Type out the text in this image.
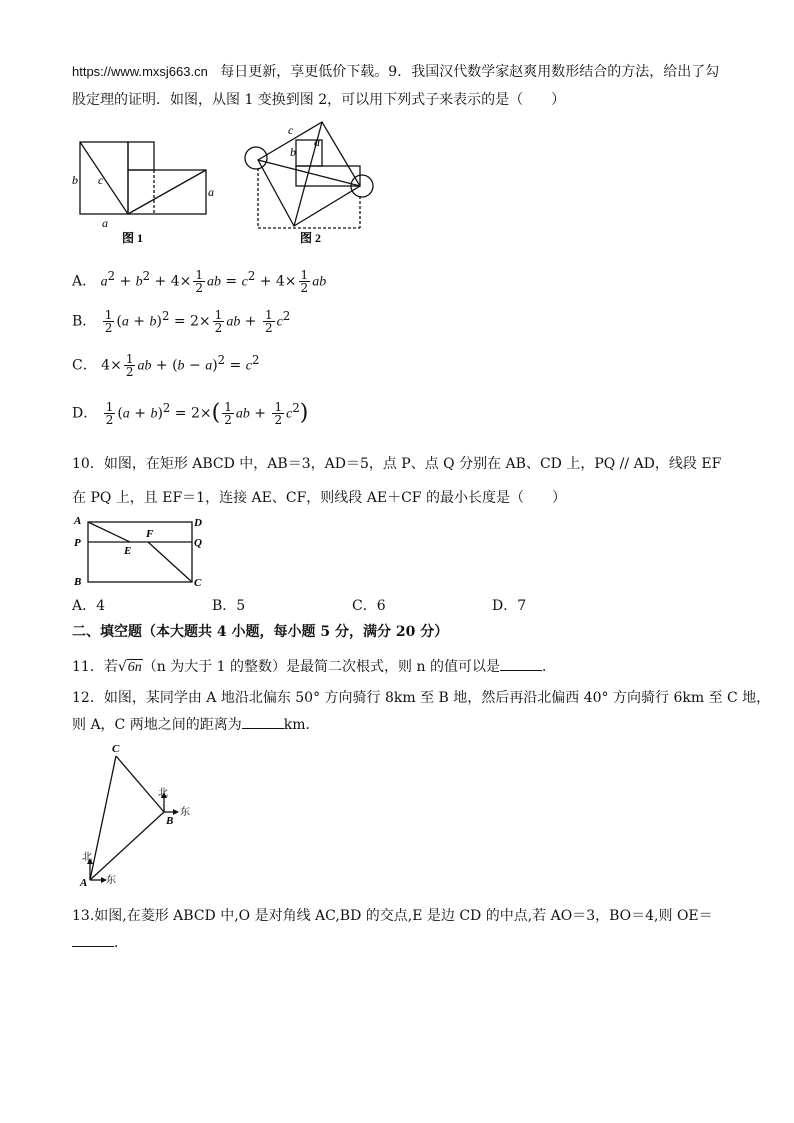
https://www.mxsj663.cn 每日更新，享更低价下载。9．我国汉代数学家赵爽用数形结合的方法，给出了勾
股定理的证明．如图，从图 1 变换到图 2，可以用下列式子来表示的是（　　）
b c
a
a
图 1
c
b
a
图 2
A． $a^2 + b^2 + 4\times \frac{1}{2}$ ab = $c^2 + 4\times \frac{1}{2}$ ab
B． $\frac{1}{2} (a + b)^2 = 2\times \frac{1}{2}$ ab + $\frac{1}{2} c^2$
C． $4\times \frac{1}{2}$ ab + $(b - a)^2 = c^2$
D． $\frac{1}{2} (a + b)^2 = 2\times( \frac{1}{2}$ ab + $\frac{1}{2} c^2$)
10．如图，在矩形 ABCD 中，AB＝3，AD＝5，点 P、点 Q 分别在 AB、CD 上，PQ // AD，线段 EF
在 PQ 上，且 EF＝1，连接 AE、CF，则线段 AE＋CF 的最小长度是（　　）
A	D
P	Q
B	C
E
F
A．4	B．5	C．6	D．7
二、填空题（本大题共 4 小题，每小题 5 分，满分 20 分）
11．若√6n（n 为大于 1 的整数）是最简二次根式，则 n 的值可以是	．
12．如图，某同学由 A 地沿北偏东 50° 方向骑行 8km 至 B 地，然后再沿北偏西 40° 方向骑行 6km 至 C 地，
则 A，C 两地之间的距离为	km．
C
B
A
北
东
北
东
13.如图,在菱形 ABCD 中,O 是对角线 AC,BD 的交点,E 是边 CD 的中点,若 AO＝3，BO＝4,则 OE＝
．
